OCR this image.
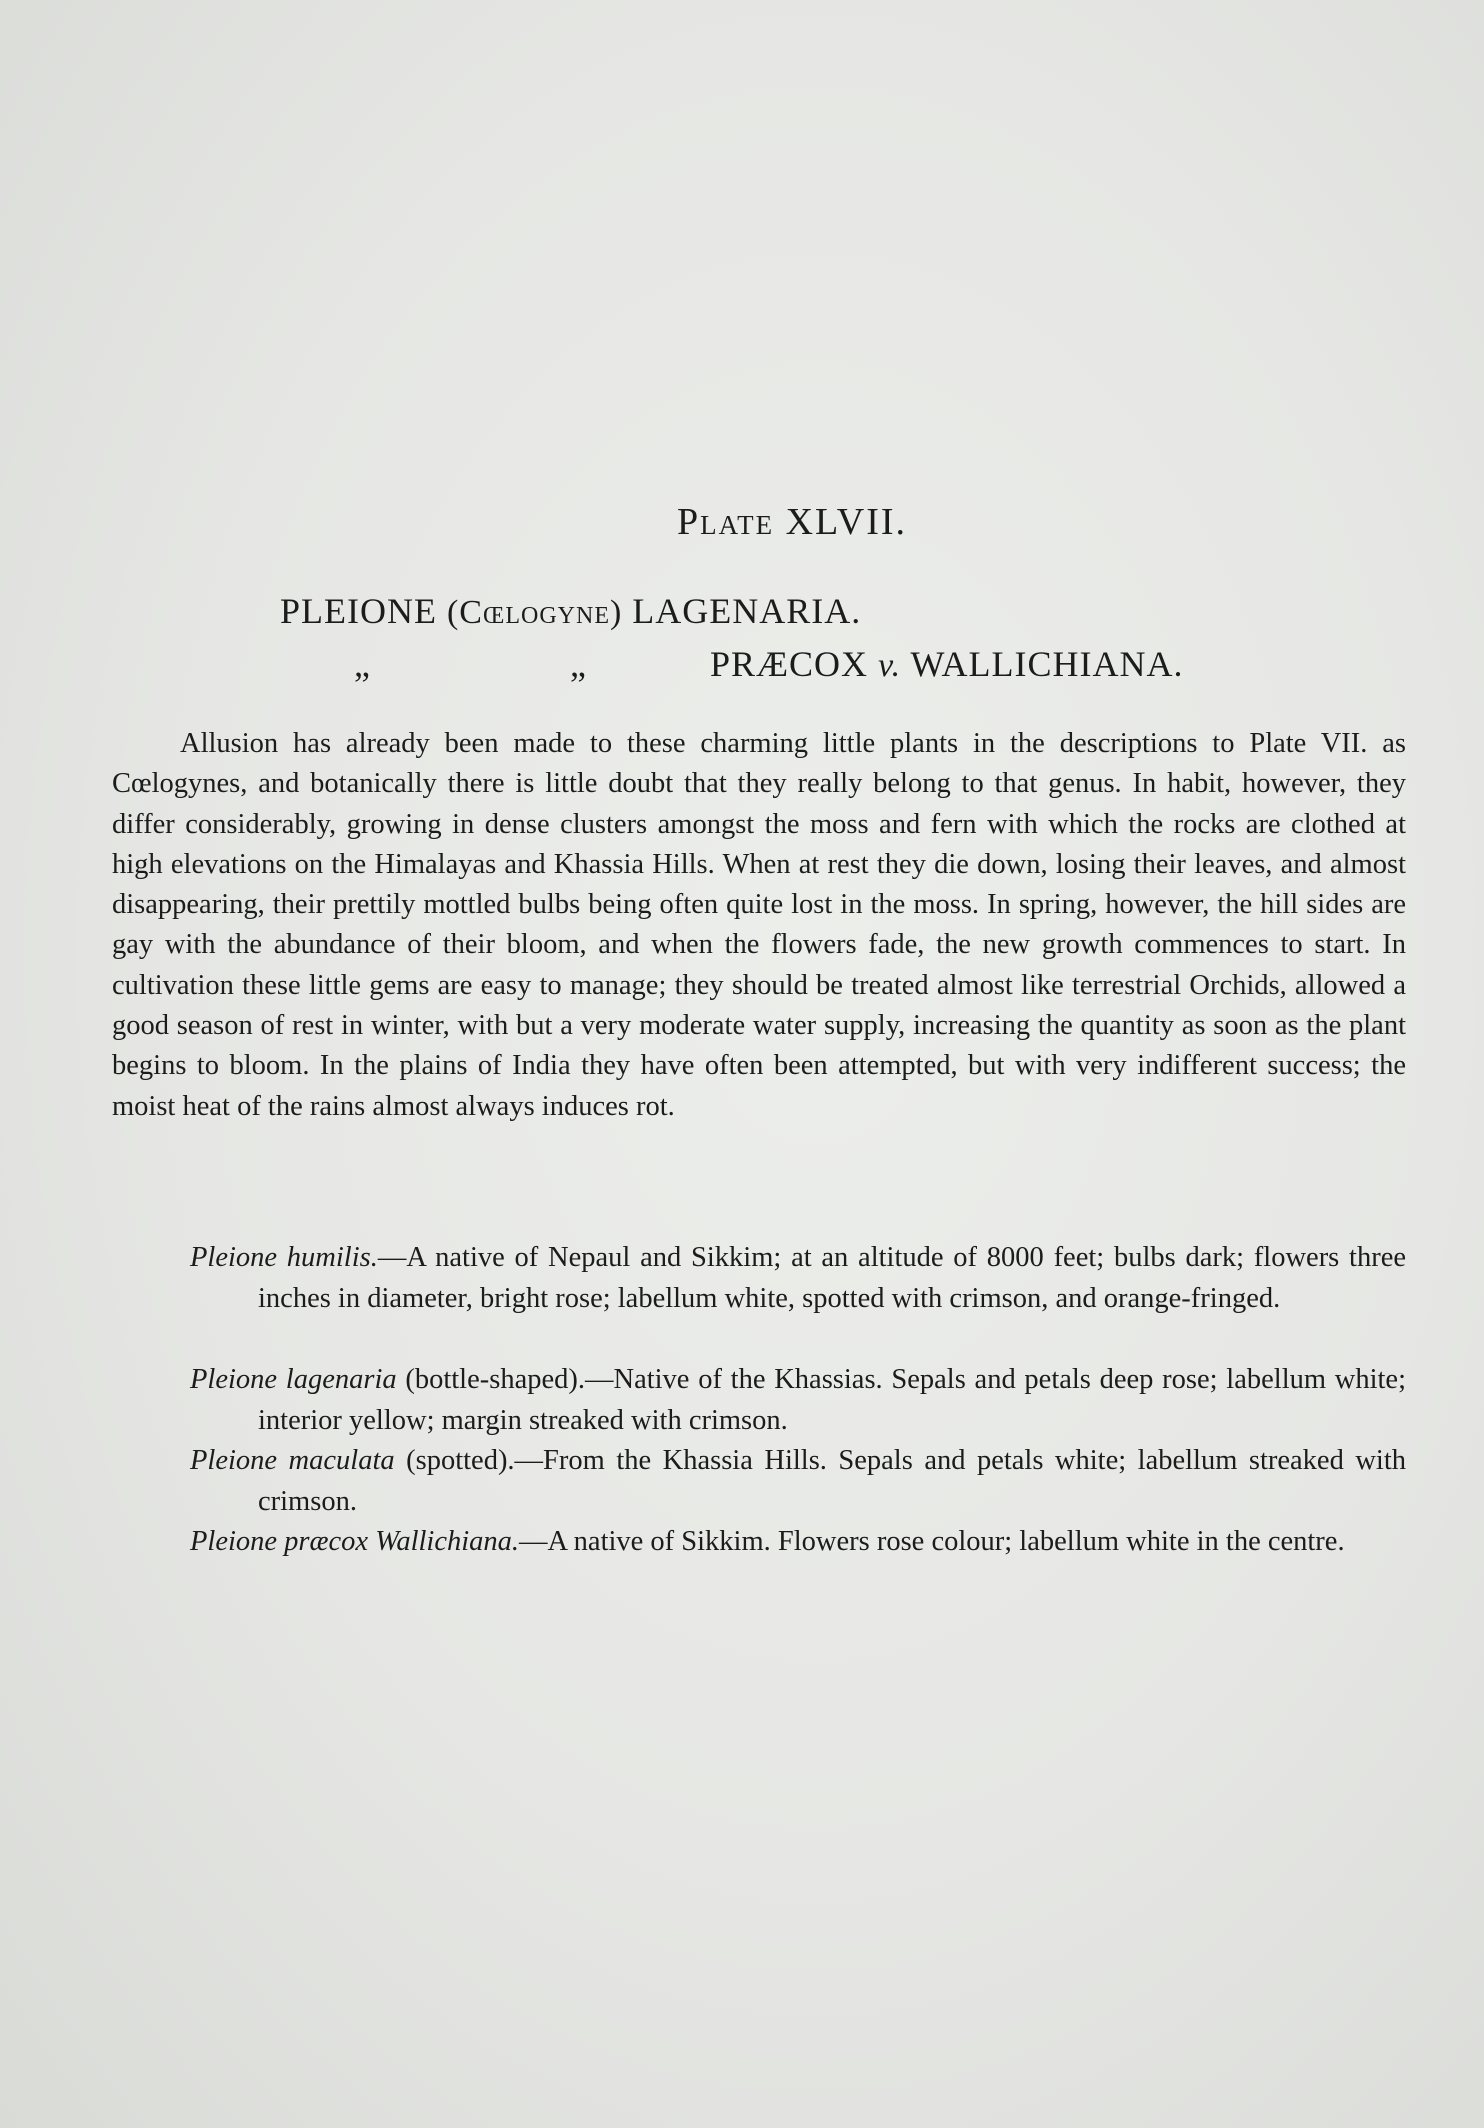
Plate XLVII.
PLEIONE (Cœlogyne) LAGENARIA.
„	„	PRÆCOX v. WALLICHIANA.

Allusion has already been made to these charming little plants in the descriptions to Plate VII. as Cœlogynes, and botanically there is little doubt that they really belong to that genus. In habit, however, they differ considerably, growing in dense clusters amongst the moss and fern with which the rocks are clothed at high elevations on the Himalayas and Khassia Hills. When at rest they die down, losing their leaves, and almost disappearing, their prettily mottled bulbs being often quite lost in the moss. In spring, however, the hill sides are gay with the abundance of their bloom, and when the flowers fade, the new growth commences to start. In cultivation these little gems are easy to manage; they should be treated almost like terrestrial Orchids, allowed a good season of rest in winter, with but a very moderate water supply, increasing the quantity as soon as the plant begins to bloom. In the plains of India they have often been attempted, but with very indifferent success; the moist heat of the rains almost always induces rot.

Pleione humilis.—A native of Nepaul and Sikkim; at an altitude of 8000 feet; bulbs dark; flowers three inches in diameter, bright rose; labellum white, spotted with crimson, and orange-fringed.

Pleione lagenaria (bottle-shaped).—Native of the Khassias. Sepals and petals deep rose; labellum white; interior yellow; margin streaked with crimson.

Pleione maculata (spotted).—From the Khassia Hills. Sepals and petals white; labellum streaked with crimson.

Pleione præcox Wallichiana.—A native of Sikkim. Flowers rose colour; labellum white in the centre.
